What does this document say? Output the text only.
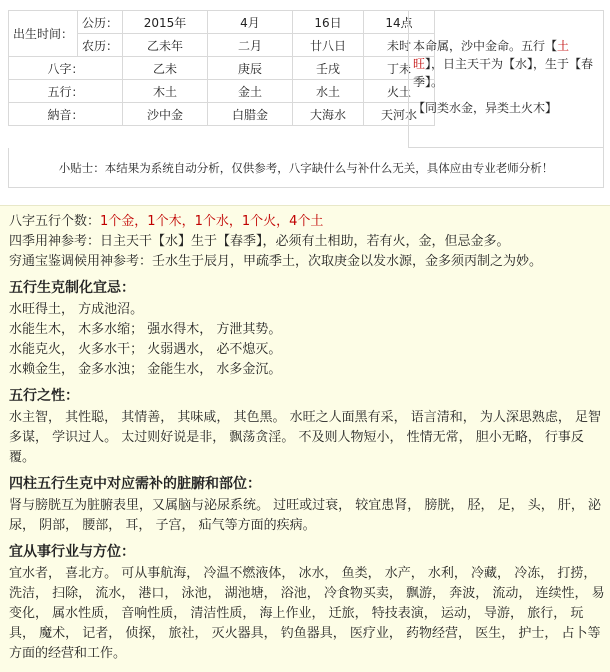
出生时间：	公历：	2015年	4月	16日	14点
	农历：	乙未年	二月	廿八日	未时
八字：		乙未	庚辰	壬戌	丁未
五行：		木土	金土	水土	火土
納音：		沙中金	白腊金	大海水	天河水
本命属，沙中金命。五行【土旺】，日主天干为【水】，生于【春季】。
【同类水金，异类土火木】
小贴士：本结果为系统自动分析，仅供参考，八字缺什么与补什么无关，具体应由专业老师分析！
八字五行个数：1个金，1个木，1个水，1个火，4个土
四季用神参考：日主天干【水】生于【春季】，必须有土相助，若有火，金，但忌金多。
穷通宝鉴调候用神参考：壬水生于辰月，甲疏季土，次取庚金以发水源，金多须丙制之为妙。
五行生克制化宜忌：
水旺得土， 方成池沼。
水能生木， 木多水缩； 强水得木， 方泄其势。
水能克火， 火多水干； 火弱遇水， 必不熄灭。
水赖金生， 金多水浊； 金能生水， 水多金沉。
五行之性：
水主智， 其性聪， 其情善， 其味咸， 其色黑。 水旺之人面黑有采， 语言清和， 为人深思熟虑， 足智多谋， 学识过人。 太过则好说是非， 飘荡贪淫。 不及则人物短小， 性情无常， 胆小无略， 行事反覆。
四柱五行生克中对应需补的脏腑和部位：
肾与膀胱互为脏腑表里，又属脑与泌尿系统。 过旺或过衰， 较宜患肾， 膀胱， 胫， 足， 头， 肝， 泌尿， 阴部， 腰部， 耳， 子宫， 疝气等方面的疾病。
宜从事行业与方位：
宜水者， 喜北方。 可从事航海， 冷温不燃液体， 冰水， 鱼类， 水产， 水利， 冷藏， 冷冻， 打捞， 洗洁， 扫除， 流水， 港口， 泳池， 湖池塘， 浴池， 冷食物买卖， 飘游， 奔波， 流动， 连续性， 易变化， 属水性质， 音响性质， 清洁性质， 海上作业， 迁旅， 特技表演， 运动， 导游， 旅行， 玩具， 魔术， 记者， 侦探， 旅社， 灭火器具， 钓鱼器具， 医疗业， 药物经营， 医生， 护士， 占卜等方面的经营和工作。
